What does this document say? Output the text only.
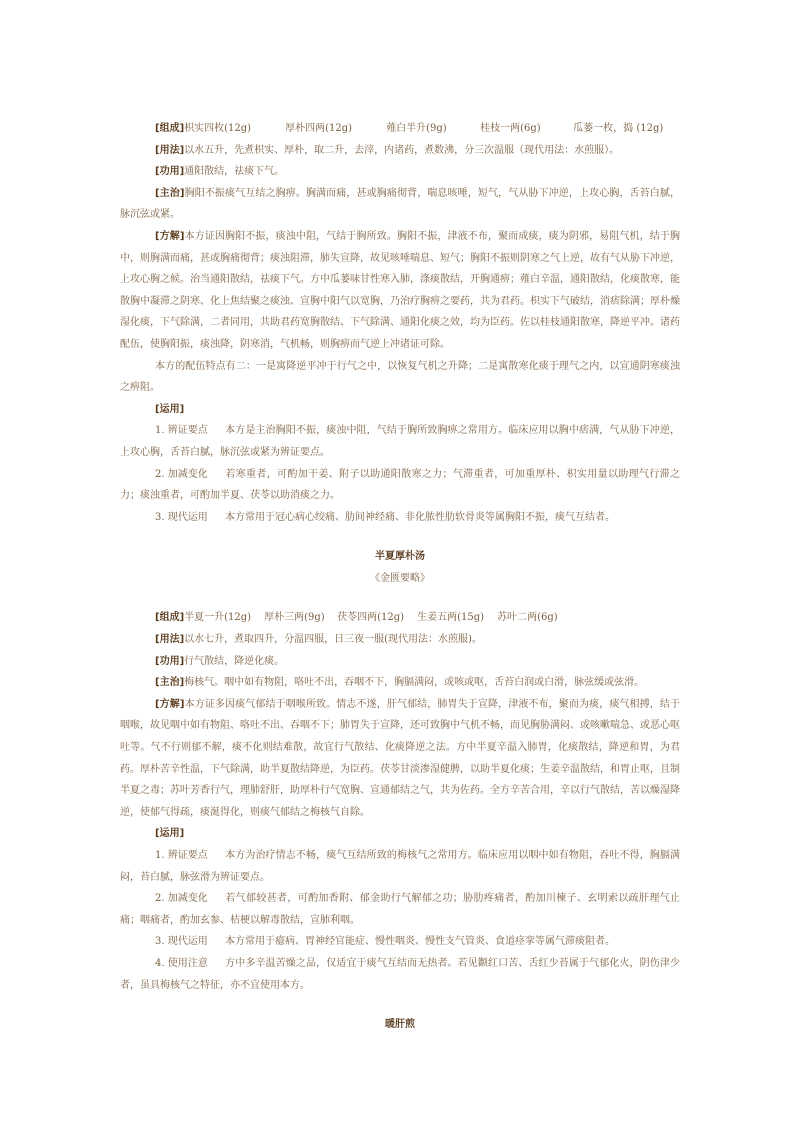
[组成]枳实四枚(12g)	厚朴四两(12g)	薤白半升(9g)	桂枝一两(6g)	瓜蒌一枚，捣 (12g)

[用法]以水五升，先煮枳实、厚朴，取二升，去滓，内诸药，煮数沸，分三次温服（现代用法：水煎服）。

[功用]通阳散结，祛痰下气。

[主治]胸阳不振痰气互结之胸痹。胸满而痛，甚或胸痛彻背，喘息咳唾，短气，气从胁下冲逆，上攻心胸，舌苔白腻，脉沉弦或紧。

[方解]本方证因胸阳不振，痰浊中阻，气结于胸所致。胸阳不振，津液不布，聚而成痰，痰为阴邪，易阻气机，结于胸中，则胸满而痛，甚或胸痛彻背；痰浊阻滞，肺失宣降，故见咳唾喘息、短气；胸阳不振则阴寒之气上逆，故有气从胁下冲逆，上攻心胸之候。治当通阳散结，祛痰下气。方中瓜蒌味甘性寒入肺，涤痰散结，开胸通痹；薤白辛温，通阳散结，化痰散寒，能散胸中凝滞之阴寒、化上焦结聚之痰浊、宣胸中阳气以宽胸，乃治疗胸痹之要药，共为君药。枳实下气破结，消痞除满；厚朴燥湿化痰，下气除满，二者同用，共助君药宽胸散结、下气除满、通阳化痰之效，均为臣药。佐以桂枝通阳散寒，降逆平冲。诸药配伍，使胸阳振，痰浊降，阴寒消，气机畅，则胸痹而气逆上冲诸证可除。

本方的配伍特点有二：一是寓降逆平冲于行气之中，以恢复气机之升降；二是寓散寒化痰于理气之内，以宣通阴寒痰浊之痹阻。

[运用]

1. 辨证要点 本方是主治胸阳不振，痰浊中阻，气结于胸所致胸痹之常用方。临床应用以胸中痞满，气从胁下冲逆，上攻心胸，舌苔白腻，脉沉弦或紧为辨证要点。

2. 加减变化 若寒重者，可酌加干姜、附子以助通阳散寒之力；气滞重者，可加重厚朴、枳实用量以助理气行滞之力；痰浊重者，可酌加半夏、茯苓以助消痰之力。

3. 现代运用 本方常用于冠心病心绞痛、肋间神经痛、非化脓性肋软骨炎等属胸阳不振，痰气互结者。

半夏厚朴汤

《金匮要略》

[组成]半夏一升(12g) 厚朴三两(9g) 茯苓四两(12g) 生姜五两(15g) 苏叶二两(6g)

[用法]以水七升，煮取四升，分温四服，日三夜一服(现代用法：水煎服)。

[功用]行气散结，降逆化痰。

[主治]梅核气。咽中如有物阻，咯吐不出，吞咽不下，胸膈满闷，或咳或呕，舌苔白润或白滑，脉弦缓或弦滑。

[方解]本方证多因痰气郁结于咽喉所致。情志不遂，肝气郁结，肺胃失于宣降，津液不布，聚而为痰，痰气相搏，结于咽喉，故见咽中如有物阻、咯吐不出、吞咽不下；肺胃失于宣降，还可致胸中气机不畅，而见胸胁满闷、或咳嗽喘急、或恶心呕吐等。气不行则郁不解，痰不化则结难散，故宜行气散结、化痰降逆之法。方中半夏辛温入肺胃，化痰散结，降逆和胃，为君药。厚朴苦辛性温，下气除满，助半夏散结降逆，为臣药。茯苓甘淡渗湿健脾，以助半夏化痰；生姜辛温散结，和胃止呕，且制半夏之毒；苏叶芳香行气，理肺舒肝，助厚朴行气宽胸、宣通郁结之气，共为佐药。全方辛苦合用，辛以行气散结，苦以燥湿降逆，使郁气得疏，痰涎得化，则痰气郁结之梅核气自除。

[运用]

1. 辨证要点 本方为治疗情志不畅，痰气互结所致的梅核气之常用方。临床应用以咽中如有物阻，吞吐不得，胸膈满闷，苔白腻，脉弦滑为辨证要点。

2. 加减变化 若气郁较甚者，可酌加香附、郁金助行气解郁之功；胁肋疼痛者，酌加川楝子、玄明索以疏肝理气止痛；咽痛者，酌加玄参、桔梗以解毒散结，宣肺利咽。

3. 现代运用 本方常用于癔病、胃神经官能症、慢性咽炎、慢性支气管炎、食道痉挛等属气滞痰阻者。

4. 使用注意 方中多辛温苦燥之品，仅适宜于痰气互结而无热者。若见颧红口苦、舌红少苔属于气郁化火，阴伤津少者，虽具梅核气之特征，亦不宜使用本方。

暖肝煎
